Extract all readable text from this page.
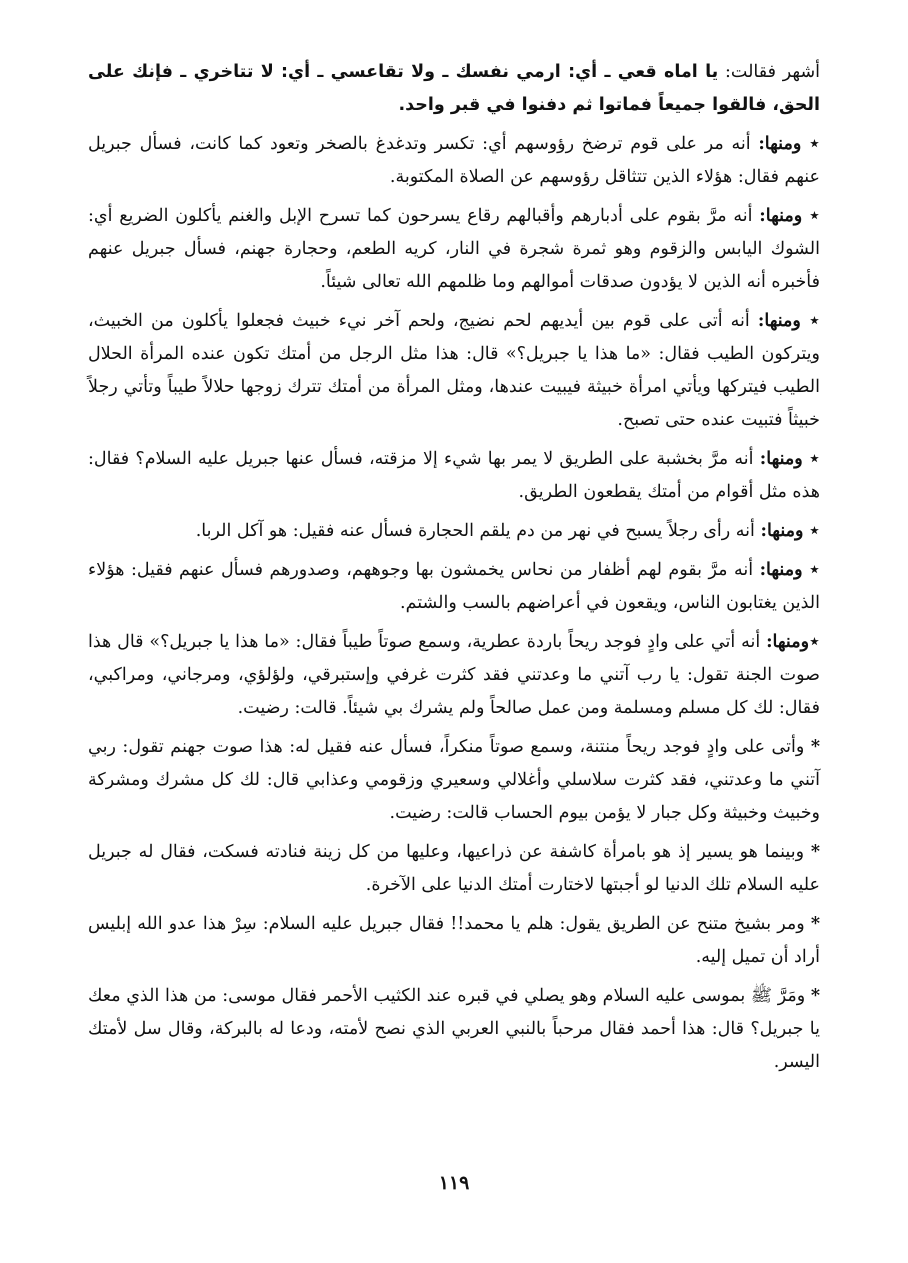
أشهر فقالت: يا اماه قعي ـ أي: ارمي نفسك ـ ولا تقاعسي ـ أي: لا تتاخري ـ فإنك على الحق، فالقوا جميعاً فماتوا ثم دفنوا في قبر واحد.

⋆ ومنها: أنه مر على قوم ترضخ رؤوسهم أي: تكسر وتدغدغ بالصخر وتعود كما كانت، فسأل جبريل عنهم فقال: هؤلاء الذين تتثاقل رؤوسهم عن الصلاة المكتوبة.

⋆ ومنها: أنه مرَّ بقوم على أدبارهم وأقبالهم رقاع يسرحون كما تسرح الإبل والغنم يأكلون الضريع أي: الشوك اليابس والزقوم وهو ثمرة شجرة في النار، كريه الطعم، وحجارة جهنم، فسأل جبريل عنهم فأخبره أنه الذين لا يؤدون صدقات أموالهم وما ظلمهم الله تعالى شيئاً.

⋆ ومنها: أنه أتى على قوم بين أيديهم لحم نضيج، ولحم آخر نيء خبيث فجعلوا يأكلون من الخبيث، ويتركون الطيب فقال: «ما هذا يا جبريل؟» قال: هذا مثل الرجل من أمتك تكون عنده المرأة الحلال الطيب فيتركها ويأتي امرأة خبيثة فيبيت عندها، ومثل المرأة من أمتك تترك زوجها حلالاً طيباً وتأتي رجلاً خبيثاً فتبيت عنده حتى تصبح.

⋆ ومنها: أنه مرَّ بخشبة على الطريق لا يمر بها شيء إلا مزقته، فسأل عنها جبريل عليه السلام؟ فقال: هذه مثل أقوام من أمتك يقطعون الطريق.

⋆ ومنها: أنه رأى رجلاً يسبح في نهر من دم يلقم الحجارة فسأل عنه فقيل: هو آكل الربا.

⋆ ومنها: أنه مرَّ بقوم لهم أظفار من نحاس يخمشون بها وجوههم، وصدورهم فسأل عنهم فقيل: هؤلاء الذين يغتابون الناس، ويقعون في أعراضهم بالسب والشتم.

⋆ومنها: أنه أتي على وادٍ فوجد ريحاً باردة عطرية، وسمع صوتاً طيباً فقال: «ما هذا يا جبريل؟» قال هذا صوت الجنة تقول: يا رب آتني ما وعدتني فقد كثرت غرفي وإستبرقي، ولؤلؤي، ومرجاني، ومراكبي، فقال: لك كل مسلم ومسلمة ومن عمل صالحاً ولم يشرك بي شيئاً. قالت: رضيت.

* وأتى على وادٍ فوجد ريحاً منتنة، وسمع صوتاً منكراً، فسأل عنه فقيل له: هذا صوت جهنم تقول: ربي آتني ما وعدتني، فقد كثرت سلاسلي وأغلالي وسعيري وزقومي وعذابي قال: لك كل مشرك ومشركة وخبيث وخبيثة وكل جبار لا يؤمن بيوم الحساب قالت: رضيت.

* وبينما هو يسير إذ هو بامرأة كاشفة عن ذراعيها، وعليها من كل زينة فنادته فسكت، فقال له جبريل عليه السلام تلك الدنيا لو أجبتها لاختارت أمتك الدنيا على الآخرة.

* ومر بشيخ متنح عن الطريق يقول: هلم يا محمد!! فقال جبريل عليه السلام: سِرْ هذا عدو الله إبليس أراد أن تميل إليه.

* ومَرَّ ﷺ بموسى عليه السلام وهو يصلي في قبره عند الكثيب الأحمر فقال موسى: من هذا الذي معك يا جبريل؟ قال: هذا أحمد فقال مرحباً بالنبي العربي الذي نصح لأمته، ودعا له بالبركة، وقال سل لأمتك اليسر.

١١٩
